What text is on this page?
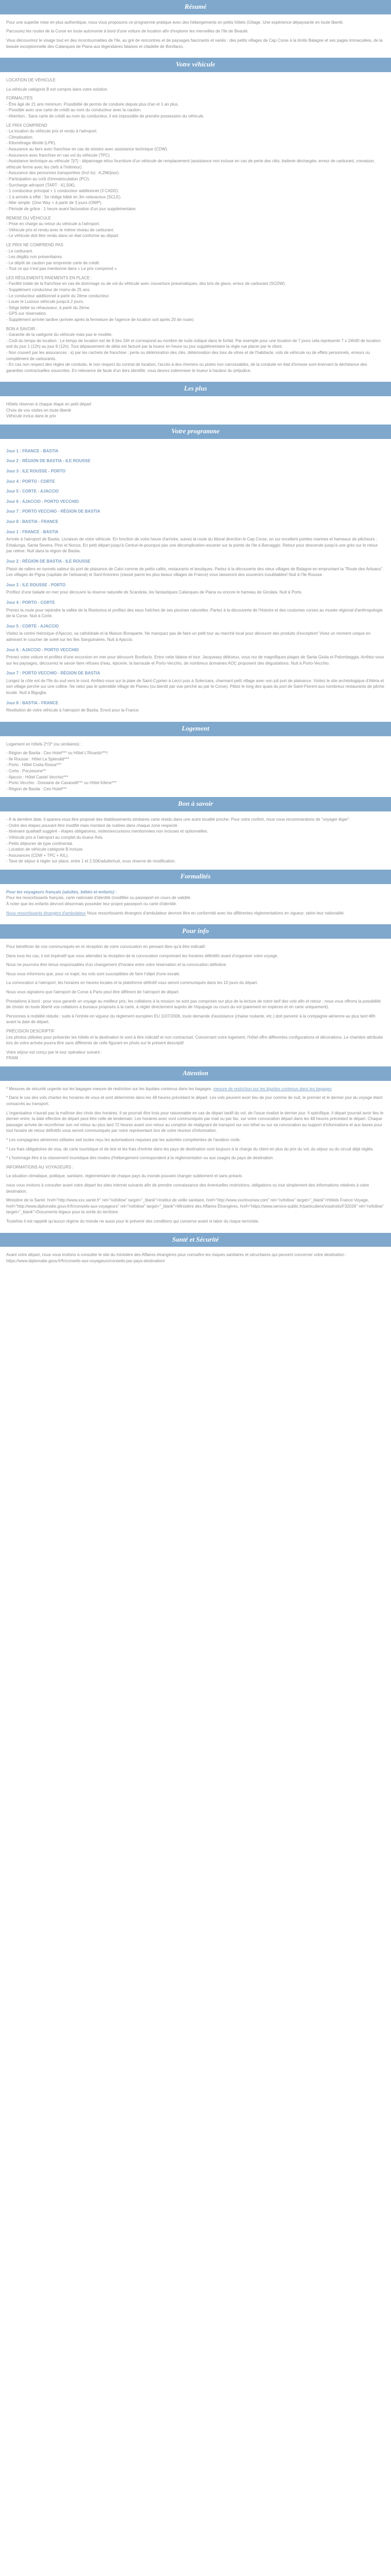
Résumé

Pour une superbe mise en plus authentique, nous vous proposons ce programme pratique avec des hébergements en petits hôtels (Gîtage. Une expérience dépaysante en toute liberté.

Parcourez les routes de la Corse en toute autonomie à bord d'une voiture de location afin d'explorer les merveilles de l'île de Beauté.

Vous découvrirez le visage tout en des incontournables de l'île, au gré de rencontres et de paysages fascinants et variés : des petits villages de Cap Corse à la limite Balagne et ses pages immaculées, de la beauté exceptionnelle des Calanques de Piana aux légendaires falaises et citadelle de Bonifacio.

Votre véhicule

LOCATION DE VÉHICULE

La véhicule catégorie B est compris dans votre solution.

FORMALITÉS

- Être âgé de 21 ans minimum. Possibilité de permis de conduire depuis plus d'an et 1 an plus.
- Possible avec une carte de crédit au nom du conducteur avec la caution.
- Attention : Sans carte de crédit au nom du conducteur, il est impossible de prendre possession du véhicule.

LE PRIX COMPREND

- La location du véhicule prix et rendu à l'aéroport.
- Climatisation.
- Kilométrage illimité (LPK).
- Assurance au tiers avec franchise en cas de sinistre avec assistance technique (CDW).
- Assurance avec franchise en cas vol du véhicule (TPC).
- Assistance technique au véhicule 7j/7j - dépannage et/ou fourniture d'un véhicule de remplacement (assistance non incluse en cas de perte des clés, batterie déchargée, erreur de carburant, crevaison, véhicule ferme avec les clefs à l'intérieur).
- Assurance des personnes transportées (Incl to): -6,29€/jour).
- Participation au coût d'immatriculation (PCI).
- Surcharge aéroport (TART : 41,50€).
- 1 conducteur principal + 1 conducteur additionnel (3 CADD).
- 1 à arrivée à effet : Se rédige bâtié en 3m relavaceux (SCLE).
- Aller simple: (One Way = à partir de 3 jours (OWP).
- Période de grâce : 1 heure avant facturation d'un jour supplémentaire.

REMISE DU VÉHICULE

- Prise en charge au retour du véhicule à l'aéroport.
- Véhicule pris et rendu avec le même niveau de carburant.
- Le véhicule doit être rendu dans un état conforme au départ.

LE PRIX NE COMPREND PAS

- Le carburant.
- Les dégâts non présentiaires.
- Le dépôt de caution par empreinte carte de crédit.
- Tout ce qui n'est pas mentionné dans « Le prix comprend ».

LES RÈGLEMENTS PAIEMENTS EN PLACE :

- Facilité totale de la franchise en cas de dommage ou de vol du véhicule avec couverture pneumatiques, des bris de glace, erreur de carburant (SCDW).
- Supplément conducteur de moins de 25 ans.
- Le conducteur additionnel à partir du 2ème conducteur.
- Louer le Luxious véhicule jusqu'à 2 jours.
- Siège bébé ou réhausseur, à partir du 2ème.
- GPS sur réservation.
- Supplément arrivée tardive (arrivée après la fermeture de l'agence de location soit après 20 de route).

BON A SAVOIR :

- Garantie de la catégorie du véhicule mais pas le modèle.
- Coût du temps de location : Le temps de location est de 8 (les 24h et correspond au nombre de nuits indiqué dans le forfait. Par exemple pour une location de 7 jours cela représente 7 x 24h00 de location soit du jour 1 (12h) au jour 8 (12h). Tout dépassement de délai est facturé par la loueur en heure ou jour supplémentaire la règle rue placer par le client.
- Non couvert par les assurances : a) par les cachets de franchise ; perte ou détérioration des clés, détérioration des loss de vitres et de l'habitacle, vols de véhicule ou de effets personnels, erreurs ou complément de carburants.
- En cas non respect des règles de conduite, le non respect du contrat de location, l'accès à des chemins ou pistes non carrossables, de la conduite en état d'ivresse sont énervant la déchéance des garanties contractuelles souscrites. En relevance de faute d'un tiers identifié, vous devrez indemniser le loueur à hauteur du préjudice.
Les plus
Hôtels réserver à chaque étape en petit départ
Choix de vos visites en toute liberté
Véhicule inclus dans le prix
Votre programme

Jour 1 : FRANCE - BASTIA

Jour 2 : RÉGION DE BASTIA - ILE ROUSSE

Jour 3 : ILE ROUSSE - PORTO

Jour 4 : PORTO - CORTE

Jour 5 : CORTE - AJACCIO

Jour 6 : AJACCIO - PORTO VECCHIO

Jour 7 : PORTO VECCHIO - RÉGION DE BASTIA

Jour 8 : BASTIA - FRANCE

Jour 1 : FRANCE - BASTIA

Arrivée à l'aéroport de Bastia. Livraison de votre véhicule. En fonction de votre heure d'arrivée, suivez la route du littoral direction le Cap Corse, un sur excellent pointes marines et hameaux de pêcheurs : Erbalunga, Santa Severa, Pino et Nonza. En petit départ jusqu'à Centuri-le-pourquoi pas une décomplication-escaner sur la pointe de l'ile à Barcaggio. Retour pour descende jusqu'à une grès sur le retour par relève. Nuit dans la région de Bastia.

Jour 2 : RÉGION DE BASTIA - ILE ROUSSE

Plaisir de rallers en tunnels salieur du port de plaisance de Calvi comme de petits cafés, restaurants et boutiques. Partez à la découverte des vieux villages de Balagne en empruntant la "Route des Artisans". Les villages de Pigna (capitale de l'artisanat) et Sant'Antonino (classé parmi les plus beaux villages de France) vous laisseront des souvenirs inoubliables! Nuit à l'Ile Rousse.

Jour 3 : ILE ROUSSE - PORTO

Profitez d'une balade en mer pour découvrir la réserve naturelle de Scandola, les fantastiques Calanques de Piana ou encore le hameau de Girolata. Nuit à Porto.

Jour 4 : PORTO - CORTE

Prenez la route pour rejoindre la vallée de la Restonica et profitez des eaux fraîches de ses piscines naturelles. Partez à la découverte de l'histoire et des coutumes corses au musée régional d'anthropologie de la Corse. Nuit à Corte.

Jour 5 : CORTE - AJACCIO

Visitez la centre historique d'Ajaccio, sa cathédrale et la Maison Bonaparte. Ne manquez pas de faire un petit tour au marché local pour découvrir des produits d'exception! Vivez un moment unique en admirant le coucher de soleil sur les îles Sanguinaires. Nuit à Ajaccio.

Jour 6 : AJACCIO - PORTO VECCHIO

Prenez votre voiture et profitez d'une excursion en mer pour découvrir Bonifacio. Entre cette falaise et tour. Jacqueasy délicieux, vous rez de magnifiques plages de Santa Giulia et Palombaggia. Arrêtez-vous sur les paysages, découvrez le savoir-faire réfuses d'eau, épicerie, la barraude et Porto-Vecchio, de nombreux domaines AOC proposent des dégustations. Nuit à Porto-Vecchio.

Jour 7 : PORTO VECCHIO - RÉGION DE BASTIA

Longez la côte est de l'île du sud vers le nord. Arrêtez-vous sur la plaie de Saint-Cyprien à Lecci puis à Solenzara, charmant petit village avec son joli port de plaisance. Visitez le site archéologique d'Aléria et son village perché sur une colline. Ne ratez pas le splendide village de Pianeu (ou bienôt par vue perché au par le Corse). Pâtez le long des quais du port de Saint-Florent aux nombreux restaurants de pêche locale. Nuit à Biguglia.

Jour 8 : BASTIA - FRANCE

Restitution de votre véhicule à l'aéroport de Bastia. Envol pour la France.

Logement

Logement en hôtels 2*/3* (ou similaires) :

- Région de Bastia : Ceo Hotel*** ou Hôtel L'Ricardo***/
- Ile Rousse : Hôtel La Splendid***
- Porto : Hôtel Costa Rossa***
- Corte : Poczesone**
- Ajaccio : Hôtel Castel Vecchio***
- Porto Vecchio : Domaine de Cavanelli*** ou Hôtel Kilime***
- Région de Bastia : Ceo Hotel***
Bon à savoir
- À la dernière date, il sparera vous être proposé des établissements similaires carte résidu dans une autre localité proche. Pour votre confort, nous vous recommandons de "voyager léger".
- Ordre des étapes pouvant être modifié mais montant de nuitées dans chaque zone respecté.
- Itinéraire qualitatif suggéré - étapes obligatoires, visites/excursions mentionnées non incluses et optionnelles.
- Véhicule pris à l'aéroport au complet du loueur Avis.
- Petits déjeuner de type continental.
- Location de véhicule catégorie B incluse.
- Assurances (CDW + TPC + KIL).
- Taxe de séjour à régler sur place, entre 1 et 2,50€/adulte/nuit, sous réserve de modification.
Formalités

Pour les voyageurs français (adultes, bébés et enfants) :

Pour les ressortissants français, carte nationale d'identité (modifiée ou passeport en cours de validité.
À noter que les enfants devront désormais posséder leur propre passeport ou carte d'identité.

Nous ressortissants étrangers d'ambulateur Nous ressortissants étrangers d'ambulateur devront être en conformité avec les différentes réglementations en vigueur, selon leur nationalité.

Pour info

Pour bénéficier de nos communiqués en et réception de votre convocation en pensant libre qu'à être indicatif.

Dans tous les cas, il est impératif que vous attendiez la réception de la convocation comprenant les horaires définitifs avant d'organiser votre voyage.

Nous ne pourrons être tenus responsables d'un changement d'horaire entre votre réservation et la convocation définitive.

Nous vous informons que, pour ce trajet, les vols sont susceptibles de faire l'objet d'une escale.

La convocation à l'aéroport, les horaires en heures locales et la plateforme définitif vous seront communiqués dans les 10 jours du départ.

Nous vous signalons que l'aéroport de Corse à Paris peut être différent de l'aéroport de départ.

Prestations à bord : pour vous garantir un voyage au meilleur prix, les collations à la mission ne sont pas comprises sur plus de la lecture de notre tarif des vols afin et retour ; nous vous offrons la possibilité de choisir en toute liberté vos collations à bureaux proposés à la carte, à régler directement auprès de l'équipage ou cours du vol (paiement en espèces et en carte uniquement).

Personnes à mobilité réduite : suite à l'entrée en vigueur du règlement européen EU 1107/2006, toute demande d'assistance (chaise roulante, etc.) doit parvenir à la compagnie aérienne au plus tard 48h avant la date de départ.

PRÉCISION DESCRIPTIF

Les photos utilisées pour présenter les hôtels et la destination le sont à titre indicatif et non contractuel. Concernant votre logement, l'hôtel offre différentes configurations et décorations. Le chambre attribuée lors de votre arrivée pourra être sans différente de celle figurant en photo sur le présent descriptif.

Votre séjour est conçu par le tour opérateur suivant :
FRAM
Attention

* Mesures de sécurité urgente sur les bagages mesure de restriction sur les liquides contenus dans les bagages. mesure de restriction sur les liquides contenus dans les bagages

* Dans le cas des vols chartes les horaires de vous et sont déterminés dans les 48 heures précédant le départ. Les vols peuvent avoir lieu de jour comme de nuit, le premier et le dernier jour du voyage étant consacrés au transport.

L'organisateur n'aurait pas la maîtrise des choix des horaires. Il se pourrait être trois pour raisonnable en cas de départ tardif du vol, de l'issue rivalisé le dernier jour. Il spécifique, il départ pourrait avoir lieu le dernier entre, la date effective de départ peut être celle de lendemain. Les horaires avec vont communiqués par mail ou par fax, sur votre convocation départ dans les 48 heures précédant le départ. Chaque passager arrivée de reconfirmer son vol retour au plus tard 72 heures avant son retour au comptoir de réalignant de transport sur son bihet ou sur sa convocation au support d'informations et aux bases pour tout horaire de retour définitifs vous seront communiqués par notre représentant lors de votre réunion d'information.

* Les compagnies aériennes utilisées seit toutes reçu les autorisations requises par les autorités compétentes de l'aviation civile.

* Les frais obligatoires de visa, de carte touristique et de test et les frais d'entrée dans les pays de destination sont toujours à la charge du client en plus du prix du vol, du séjour ou du circuit déjà réglés.

* L'hommage être à la classement touristique des modes d'hébergement correspondent à la réglementation ou aux usages du pays de destination.

INFORMATIONS AU VOYAGEURS :

La situation climatique, politique, sanitaire, réglementaire de chaque pays du monde pouvant changer subitement et sans préavis

nous vous invitons à consulter avant votre départ les sites internet suivants afin de prendre connaissance des éventuelles restrictions, obligations ou tout simplement des informations relatives à votre destination.

Ministère de la Santé: href="http://www.xxx.santé.fr" rel="nofollow" target="_blank">Institut de veille sanitaire, href="http://www.xxx/invs/ww.com" rel="nofollow" target="_blank">Hôtels France Voyage, href="http://www.diplomatie.gouv.fr/fr/conseils-aux-voyageurs" rel="nofollow" target="_blank">Ministère des Affaires Étrangères, href="https://www.service-public.fr/particuliers/vosdroits/F32026" rel="nofollow" target="_blank">Documents légaux pour la sortie du territoire.

Toutefois il est rappelé qu'aucun régime du monde ne aussi pour le prévenir des conditions qui conserve avant ni labor du risque terroriste.

Santé et Sécurité

Avant votre départ, nous vous invitons à consulter le site du ministère des Affaires étrangères pour connaître les risques sanitaires et sécuritaires qui peuvent concerner votre destination : https://www.diplomatie.gouv.fr/fr/conseils-aux-voyageurs/conseils-par-pays-destination/
